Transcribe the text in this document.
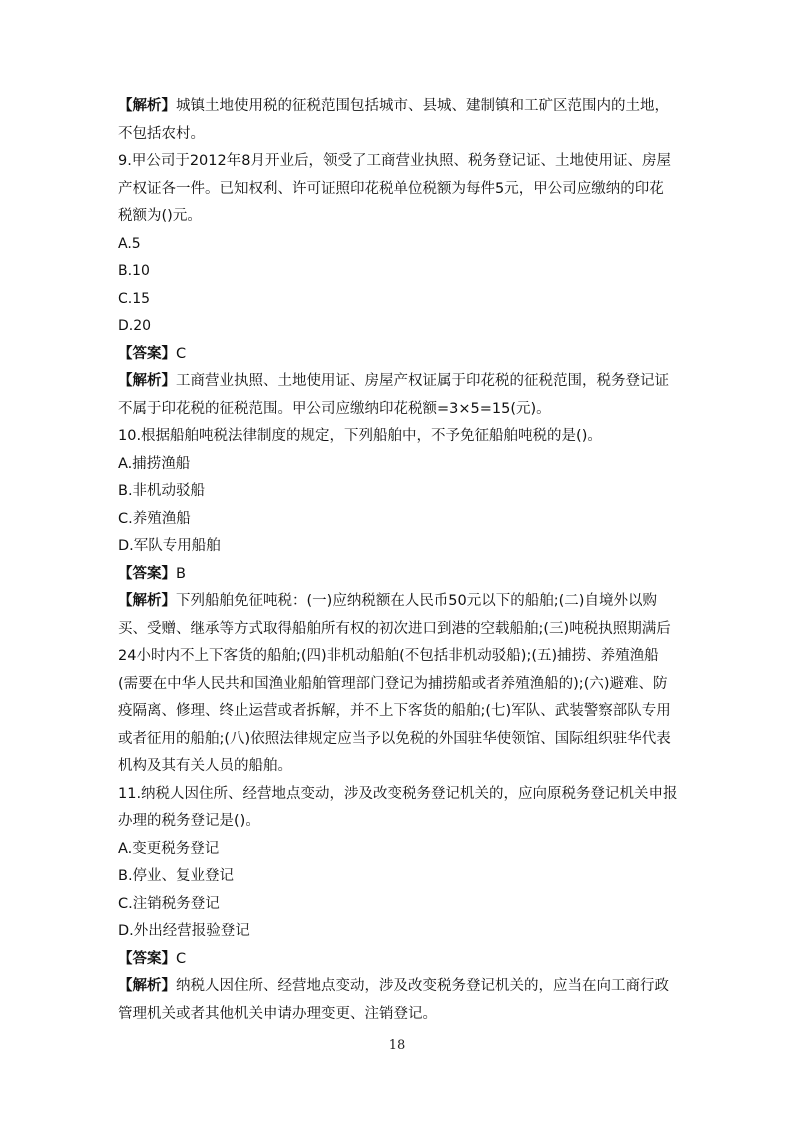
【解析】城镇土地使用税的征税范围包括城市、县城、建制镇和工矿区范围内的土地，不包括农村。

9.甲公司于2012年8月开业后，领受了工商营业执照、税务登记证、土地使用证、房屋产权证各一件。已知权利、许可证照印花税单位税额为每件5元，甲公司应缴纳的印花税额为()元。

A.5

B.10

C.15

D.20

【答案】C

【解析】工商营业执照、土地使用证、房屋产权证属于印花税的征税范围，税务登记证不属于印花税的征税范围。甲公司应缴纳印花税额=3×5=15(元)。

10.根据船舶吨税法律制度的规定，下列船舶中，不予免征船舶吨税的是()。

A.捕捞渔船

B.非机动驳船

C.养殖渔船

D.军队专用船舶

【答案】B

【解析】下列船舶免征吨税：(一)应纳税额在人民币50元以下的船舶;(二)自境外以购买、受赠、继承等方式取得船舶所有权的初次进口到港的空载船舶;(三)吨税执照期满后24小时内不上下客货的船舶;(四)非机动船舶(不包括非机动驳船);(五)捕捞、养殖渔船(需要在中华人民共和国渔业船舶管理部门登记为捕捞船或者养殖渔船的);(六)避难、防疫隔离、修理、终止运营或者拆解，并不上下客货的船舶;(七)军队、武装警察部队专用或者征用的船舶;(八)依照法律规定应当予以免税的外国驻华使领馆、国际组织驻华代表机构及其有关人员的船舶。

11.纳税人因住所、经营地点变动，涉及改变税务登记机关的，应向原税务登记机关申报办理的税务登记是()。

A.变更税务登记

B.停业、复业登记

C.注销税务登记

D.外出经营报验登记

【答案】C

【解析】纳税人因住所、经营地点变动，涉及改变税务登记机关的，应当在向工商行政管理机关或者其他机关申请办理变更、注销登记。

18
